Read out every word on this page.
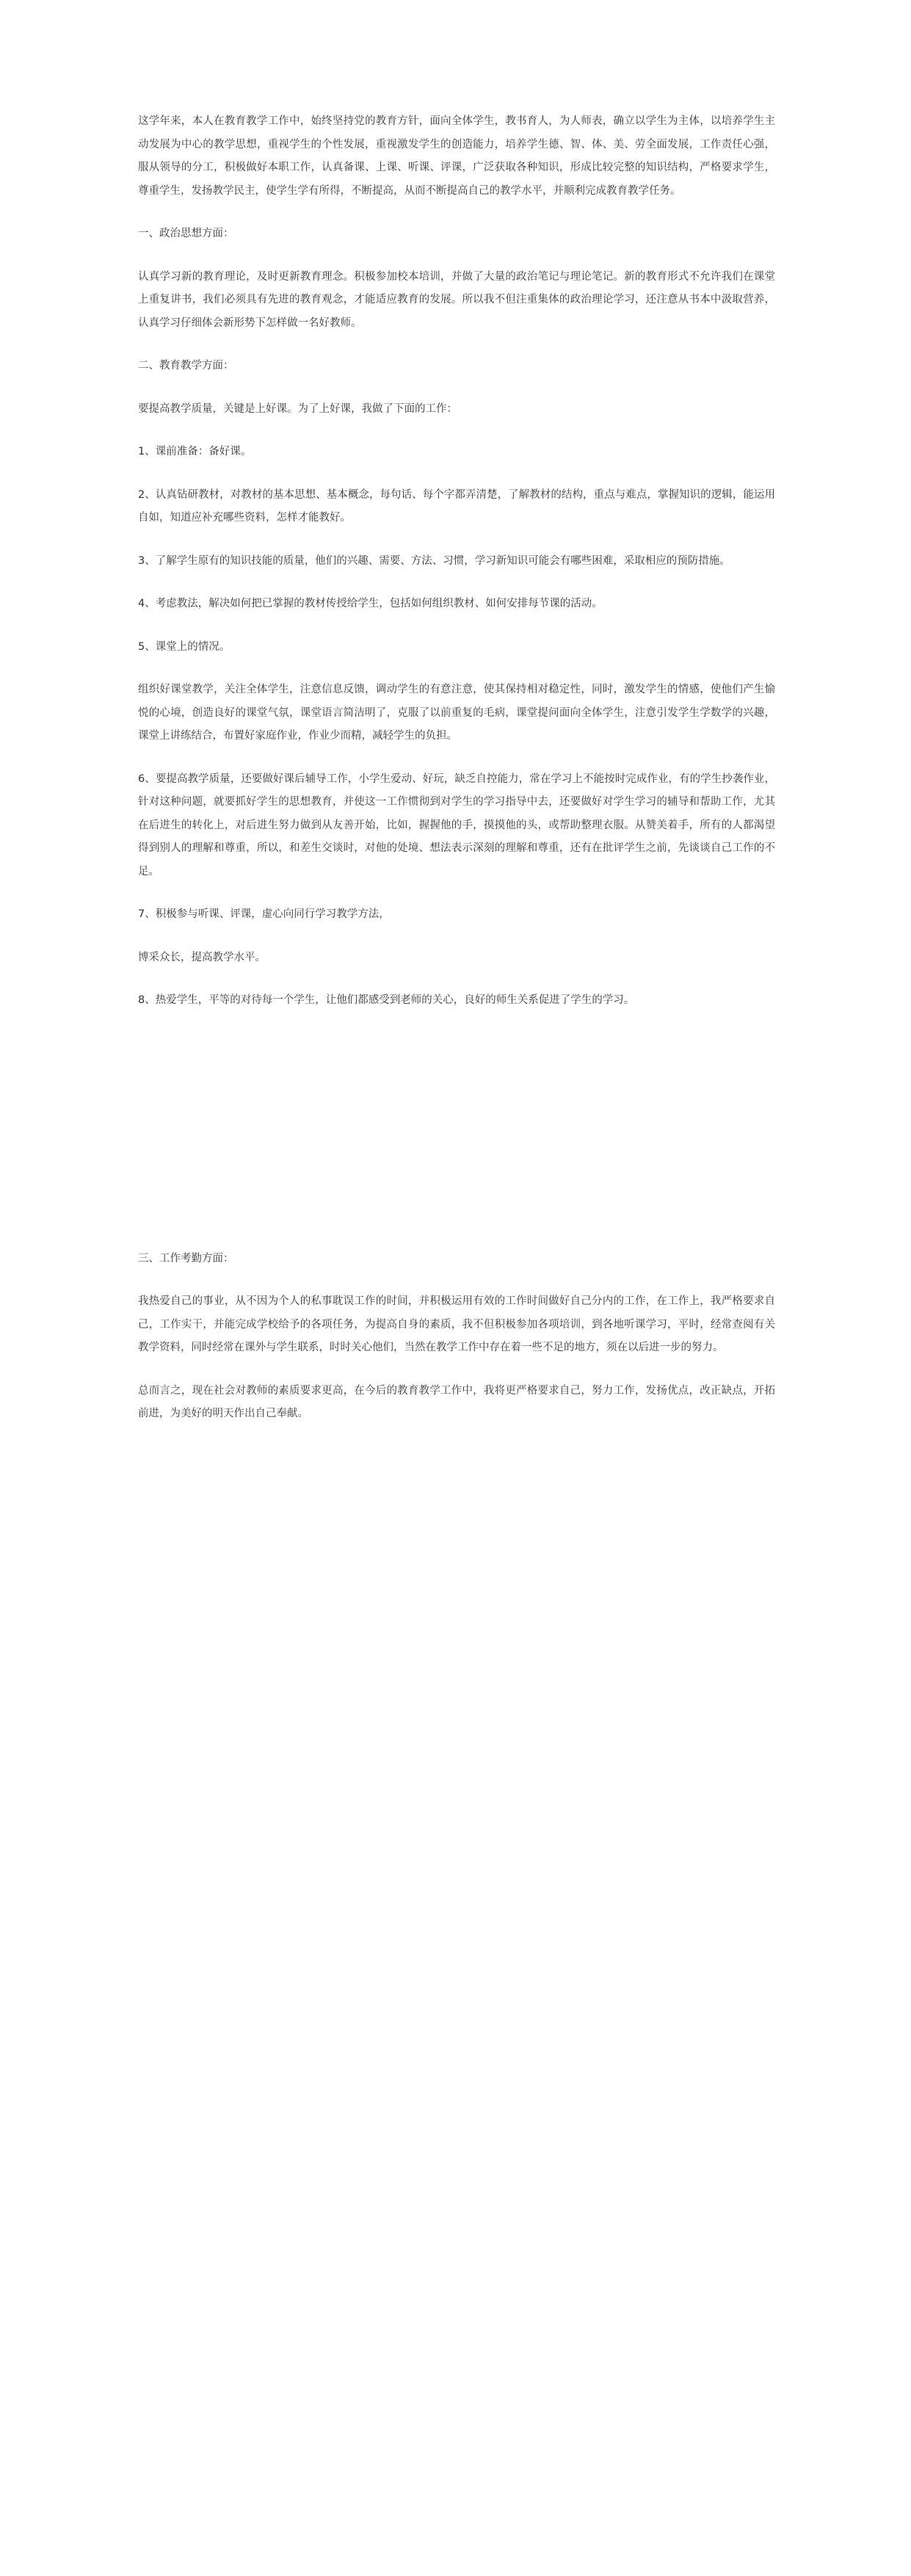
这学年来，本人在教育教学工作中，始终坚持党的教育方针，面向全体学生，教书育人，为人师表，确立以学生为主体，以培养学生主动发展为中心的教学思想，重视学生的个性发展，重视激发学生的创造能力，培养学生德、智、体、美、劳全面发展，工作责任心强，服从领导的分工，积极做好本职工作，认真备课、上课、听课、评课，广泛获取各种知识，形成比较完整的知识结构，严格要求学生，尊重学生，发扬教学民主，使学生学有所得，不断提高，从而不断提高自己的教学水平，并顺利完成教育教学任务。

一、政治思想方面：

认真学习新的教育理论，及时更新教育理念。积极参加校本培训，并做了大量的政治笔记与理论笔记。新的教育形式不允许我们在课堂上重复讲书，我们必须具有先进的教育观念，才能适应教育的发展。所以我不但注重集体的政治理论学习，还注意从书本中汲取营养，认真学习仔细体会新形势下怎样做一名好教师。

二、教育教学方面：

要提高教学质量，关键是上好课。为了上好课，我做了下面的工作：

1、课前准备：备好课。

2、认真钻研教材，对教材的基本思想、基本概念，每句话、每个字都弄清楚，了解教材的结构，重点与难点，掌握知识的逻辑，能运用自如，知道应补充哪些资料，怎样才能教好。

3、了解学生原有的知识技能的质量，他们的兴趣、需要、方法、习惯，学习新知识可能会有哪些困难，采取相应的预防措施。

4、考虑教法，解决如何把已掌握的教材传授给学生，包括如何组织教材、如何安排每节课的活动。

5、课堂上的情况。

组织好课堂教学，关注全体学生，注意信息反馈，调动学生的有意注意，使其保持相对稳定性，同时，激发学生的情感，使他们产生愉悦的心境，创造良好的课堂气氛，课堂语言简洁明了，克服了以前重复的毛病，课堂提问面向全体学生，注意引发学生学数学的兴趣，课堂上讲练结合，布置好家庭作业，作业少而精，减轻学生的负担。

6、要提高教学质量，还要做好课后辅导工作，小学生爱动、好玩，缺乏自控能力，常在学习上不能按时完成作业，有的学生抄袭作业，针对这种问题，就要抓好学生的思想教育，并使这一工作惯彻到对学生的学习指导中去，还要做好对学生学习的辅导和帮助工作，尤其在后进生的转化上，对后进生努力做到从友善开始，比如，握握他的手，摸摸他的头，或帮助整理衣服。从赞美着手，所有的人都渴望得到别人的理解和尊重，所以，和差生交谈时，对他的处境、想法表示深刻的理解和尊重，还有在批评学生之前，先谈谈自己工作的不足。

7、积极参与听课、评课，虚心向同行学习教学方法，

博采众长，提高教学水平。

8、热爱学生，平等的对待每一个学生，让他们都感受到老师的关心，良好的师生关系促进了学生的学习。

三、工作考勤方面：

我热爱自己的事业，从不因为个人的私事耽误工作的时间，并积极运用有效的工作时间做好自己分内的工作，在工作上，我严格要求自己，工作实干，并能完成学校给予的各项任务，为提高自身的素质，我不但积极参加各项培训，到各地听课学习，平时，经常查阅有关教学资料，同时经常在课外与学生联系，时时关心他们，当然在教学工作中存在着一些不足的地方，须在以后进一步的努力。

总而言之，现在社会对教师的素质要求更高，在今后的教育教学工作中，我将更严格要求自己，努力工作，发扬优点，改正缺点，开拓前进，为美好的明天作出自己奉献。
